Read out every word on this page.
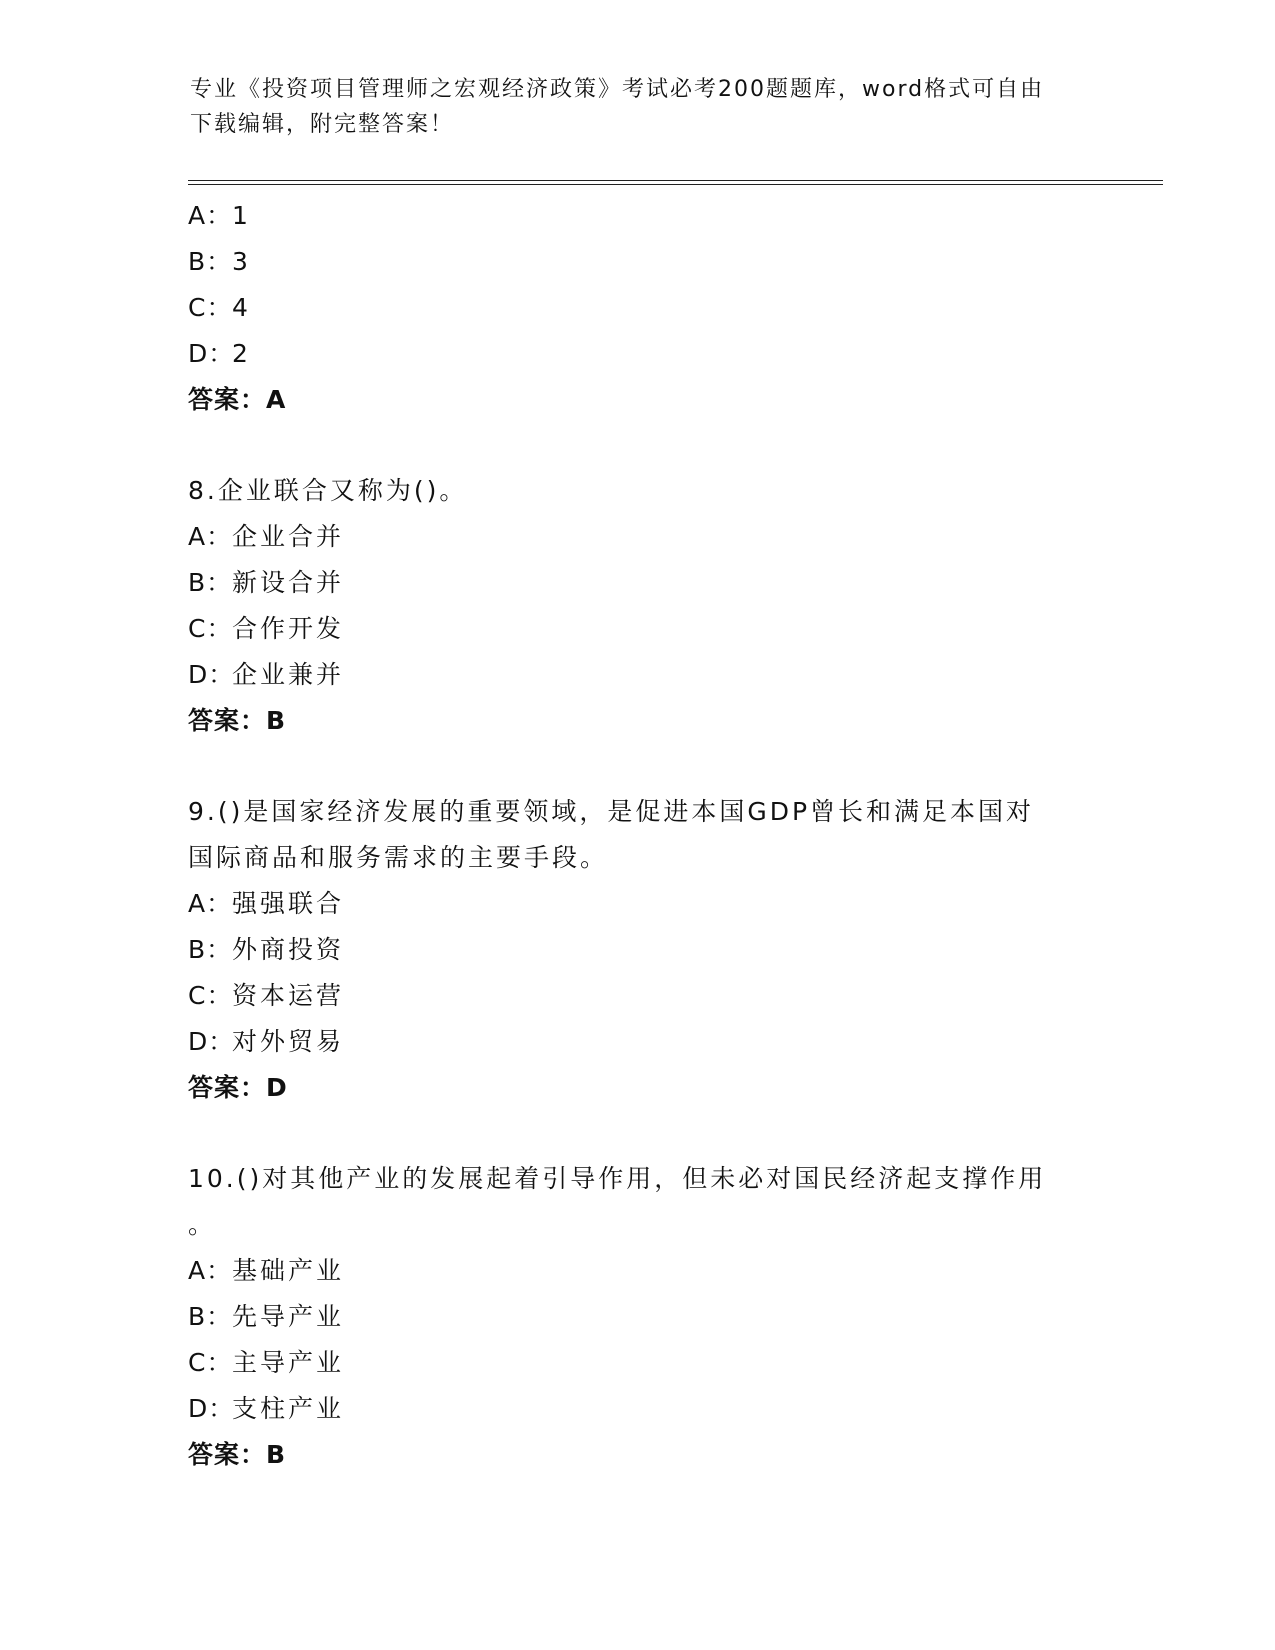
专业《投资项目管理师之宏观经济政策》考试必考200题题库，word格式可自由
下载编辑，附完整答案！
A：1
B：3
C：4
D：2
答案：A
8.企业联合又称为()。
A：企业合并
B：新设合并
C：合作开发
D：企业兼并
答案：B
9.()是国家经济发展的重要领域，是促进本国GDP曾长和满足本国对
国际商品和服务需求的主要手段。
A：强强联合
B：外商投资
C：资本运营
D：对外贸易
答案：D
10.()对其他产业的发展起着引导作用，但未必对国民经济起支撑作用
。
A：基础产业
B：先导产业
C：主导产业
D：支柱产业
答案：B
